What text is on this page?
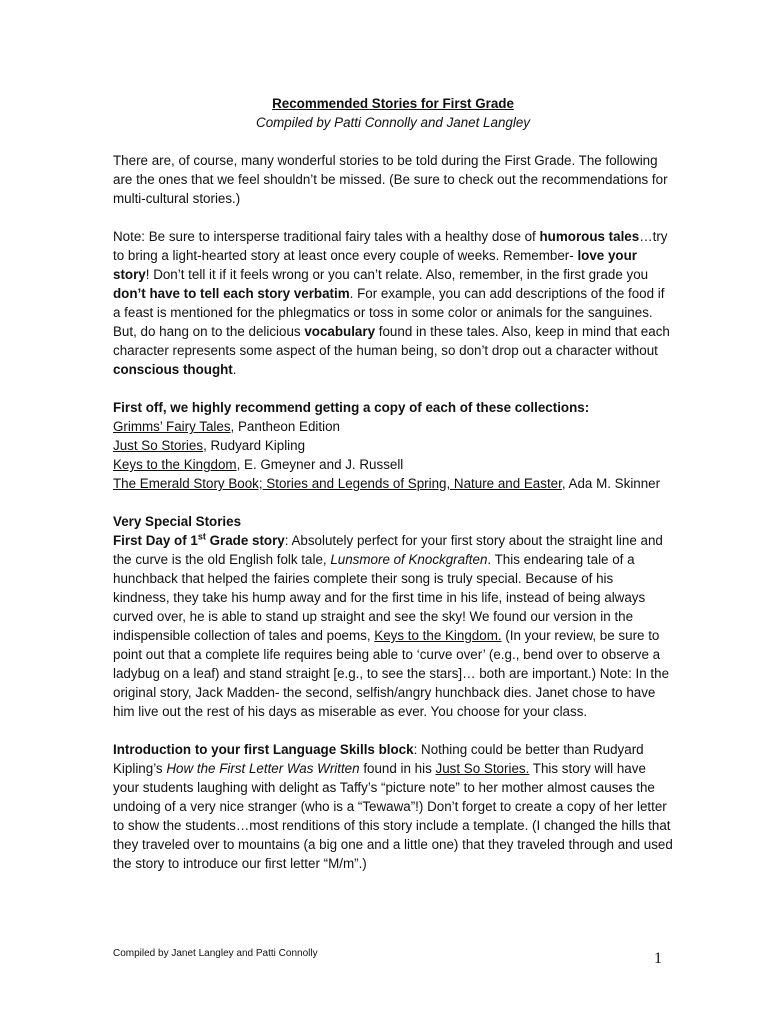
Recommended Stories for First Grade
Compiled by Patti Connolly and Janet Langley

There are, of course, many wonderful stories to be told during the First Grade. The following are the ones that we feel shouldn’t be missed. (Be sure to check out the recommendations for multi-cultural stories.)

Note: Be sure to intersperse traditional fairy tales with a healthy dose of humorous tales…try to bring a light-hearted story at least once every couple of weeks. Remember- love your story! Don’t tell it if it feels wrong or you can’t relate. Also, remember, in the first grade you don’t have to tell each story verbatim. For example, you can add descriptions of the food if a feast is mentioned for the phlegmatics or toss in some color or animals for the sanguines. But, do hang on to the delicious vocabulary found in these tales. Also, keep in mind that each character represents some aspect of the human being, so don’t drop out a character without conscious thought.

First off, we highly recommend getting a copy of each of these collections:
Grimms’ Fairy Tales, Pantheon Edition
Just So Stories, Rudyard Kipling
Keys to the Kingdom, E. Gmeyner and J. Russell
The Emerald Story Book; Stories and Legends of Spring, Nature and Easter, Ada M. Skinner

Very Special Stories
First Day of 1st Grade story: Absolutely perfect for your first story about the straight line and the curve is the old English folk tale, Lunsmore of Knockgraften. This endearing tale of a hunchback that helped the fairies complete their song is truly special. Because of his kindness, they take his hump away and for the first time in his life, instead of being always curved over, he is able to stand up straight and see the sky! We found our version in the indispensible collection of tales and poems, Keys to the Kingdom. (In your review, be sure to point out that a complete life requires being able to ‘curve over’ (e.g., bend over to observe a ladybug on a leaf) and stand straight [e.g., to see the stars]… both are important.) Note: In the original story, Jack Madden- the second, selfish/angry hunchback dies. Janet chose to have him live out the rest of his days as miserable as ever. You choose for your class.

Introduction to your first Language Skills block: Nothing could be better than Rudyard Kipling’s How the First Letter Was Written found in his Just So Stories. This story will have your students laughing with delight as Taffy’s “picture note” to her mother almost causes the undoing of a very nice stranger (who is a “Tewawa”!) Don’t forget to create a copy of her letter to show the students…most renditions of this story include a template. (I changed the hills that they traveled over to mountains (a big one and a little one) that they traveled through and used the story to introduce our first letter “M/m”.)

Compiled by Janet Langley and Patti Connolly	1
